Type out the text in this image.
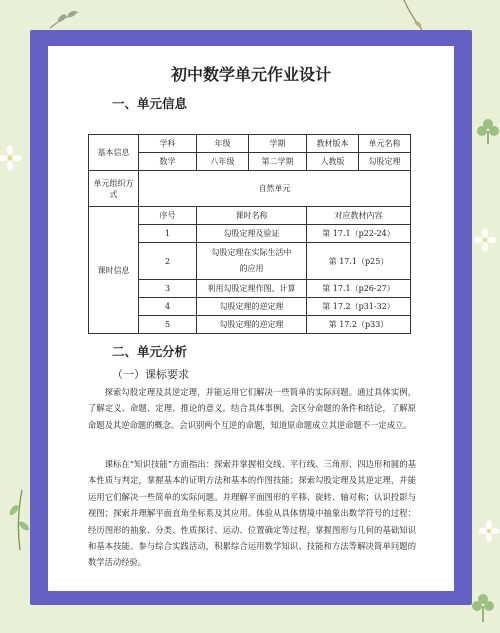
初中数学单元作业设计
一、单元信息
基本信息	学科	年级	学期	教材版本	单元名称
	数学	八年级	第二学期	人教版	勾股定理
单元组织方式	自然单元				
课时信息	序号	课时名称		对应教材内容	
	1	勾股定理及验证		第 17.1（p22-24）	
	2	勾股定理在实际生活中的应用		第 17.1（p25）	
	3	利用勾股定理作图、计算		第 17.1（p26-27）	
	4	勾股定理的逆定理		第 17.2（p31-32）	
	5	勾股定理的逆定理		第 17.2（p33）	
二、单元分析
（一）课标要求

探索勾股定理及其逆定理，并能运用它们解决一些简单的实际问题。通过具体实例，了解定义、命题、定理、推论的意义。结合具体事例，会区分命题的条件和结论，了解原命题及其逆命题的概念。会识别两个互逆的命题，知道原命题成立其逆命题不一定成立。

课标在“知识技能”方面指出：探索并掌握相交线、平行线、三角形、四边形和圆的基本性质与判定，掌握基本的证明方法和基本的作图技能；探索勾股定理及其逆定理，并能运用它们解决一些简单的实际问题。并理解平面图形的平移、旋转、轴对称；认识投影与视图；探索并理解平面直角坐标系及其应用。体验从具体情境中抽象出数学符号的过程：经历图形的抽象、分类、性质探讨、运动、位置确定等过程，掌握图形与几何的基础知识和基本技能。参与综合实践活动，积累综合运用数学知识、技能和方法等解决简单问题的数学活动经验。
